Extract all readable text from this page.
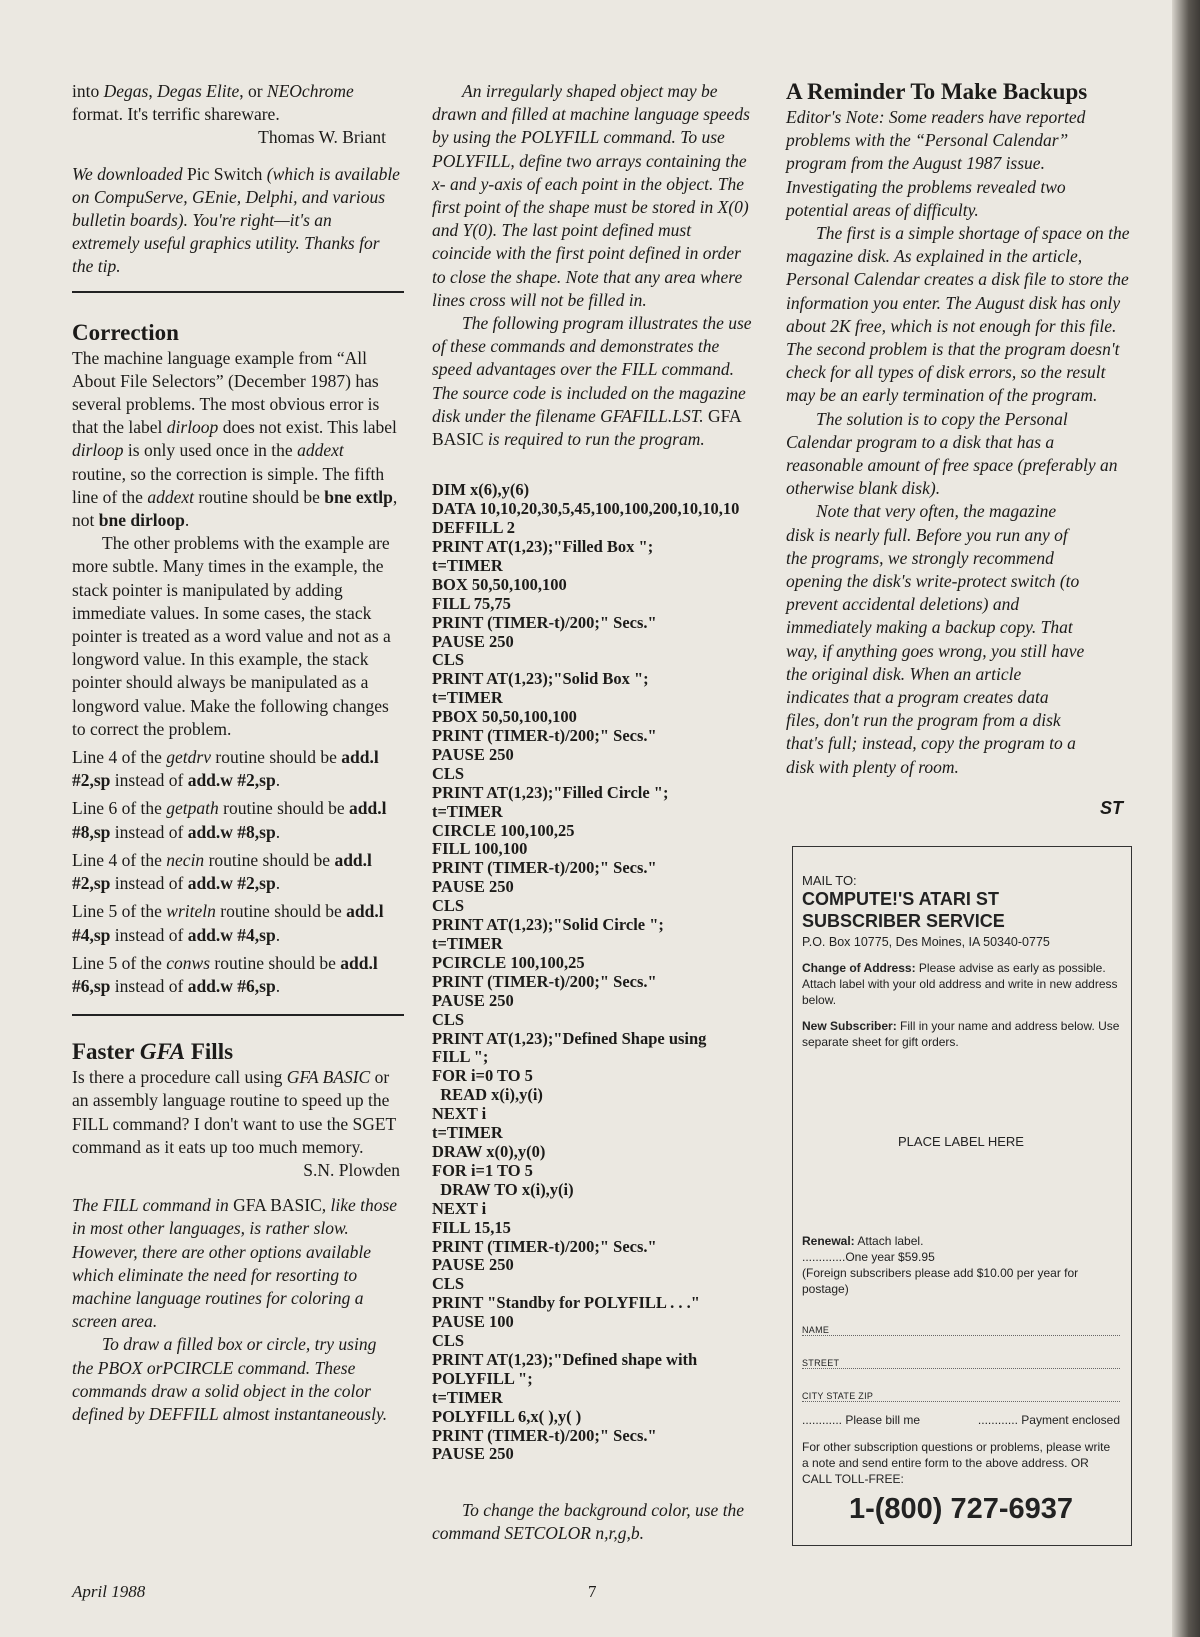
into Degas, Degas Elite, or NEOchrome format. It's terrific shareware.

Thomas W. Briant

We downloaded Pic Switch (which is available on CompuServe, GEnie, Delphi, and various bulletin boards). You're right—it's an extremely useful graphics utility. Thanks for the tip.

Correction

The machine language example from “All About File Selectors” (December 1987) has several problems. The most obvious error is that the label dirloop does not exist. This label dirloop is only used once in the addext routine, so the correction is simple. The fifth line of the addext routine should be bne extlp, not bne dirloop.

The other problems with the example are more subtle. Many times in the example, the stack pointer is manipulated by adding immediate values. In some cases, the stack pointer is treated as a word value and not as a longword value. In this example, the stack pointer should always be manipulated as a longword value. Make the following changes to correct the problem.

Line 4 of the getdrv routine should be add.l #2,sp instead of add.w #2,sp.

Line 6 of the getpath routine should be add.l #8,sp instead of add.w #8,sp.

Line 4 of the necin routine should be add.l #2,sp instead of add.w #2,sp.

Line 5 of the writeln routine should be add.l #4,sp instead of add.w #4,sp.

Line 5 of the conws routine should be add.l #6,sp instead of add.w #6,sp.

Faster GFA Fills

Is there a procedure call using GFA BASIC or an assembly language routine to speed up the FILL command? I don't want to use the SGET command as it eats up too much memory.

S.N. Plowden

The FILL command in GFA BASIC, like those in most other languages, is rather slow. However, there are other options available which eliminate the need for resorting to machine language routines for coloring a screen area.

To draw a filled box or circle, try using the PBOX orPCIRCLE command. These commands draw a solid object in the color defined by DEFFILL almost instantaneously.

An irregularly shaped object may be drawn and filled at machine language speeds by using the POLYFILL command. To use POLYFILL, define two arrays containing the x- and y-axis of each point in the object. The first point of the shape must be stored in X(0) and Y(0). The last point defined must coincide with the first point defined in order to close the shape. Note that any area where lines cross will not be filled in.

The following program illustrates the use of these commands and demonstrates the speed advantages over the FILL command. The source code is included on the magazine disk under the filename GFAFILL.LST. GFA BASIC is required to run the program.

DIM x(6),y(6)
DATA 10,10,20,30,5,45,100,100,200,10,10,10
DEFFILL 2
PRINT AT(1,23);"Filled Box ";
t=TIMER
BOX 50,50,100,100
FILL 75,75
PRINT (TIMER-t)/200;" Secs."
PAUSE 250
CLS
PRINT AT(1,23);"Solid Box ";
t=TIMER
PBOX 50,50,100,100
PRINT (TIMER-t)/200;" Secs."
PAUSE 250
CLS
PRINT AT(1,23);"Filled Circle ";
t=TIMER
CIRCLE 100,100,25
FILL 100,100
PRINT (TIMER-t)/200;" Secs."
PAUSE 250
CLS
PRINT AT(1,23);"Solid Circle ";
t=TIMER
PCIRCLE 100,100,25
PRINT (TIMER-t)/200;" Secs."
PAUSE 250
CLS
PRINT AT(1,23);"Defined Shape using
FILL ";
FOR i=0 TO 5
READ x(i),y(i)
NEXT i
t=TIMER
DRAW x(0),y(0)
FOR i=1 TO 5
DRAW TO x(i),y(i)
NEXT i
FILL 15,15
PRINT (TIMER-t)/200;" Secs."
PAUSE 250
CLS
PRINT "Standby for POLYFILL . . ."
PAUSE 100
CLS
PRINT AT(1,23);"Defined shape with
POLYFILL ";
t=TIMER
POLYFILL 6,x( ),y( )
PRINT (TIMER-t)/200;" Secs."
PAUSE 250

To change the background color, use the command SETCOLOR n,r,g,b.

A Reminder To Make Backups

Editor's Note: Some readers have reported problems with the “Personal Calendar” program from the August 1987 issue. Investigating the problems revealed two potential areas of difficulty.

The first is a simple shortage of space on the magazine disk. As explained in the article, Personal Calendar creates a disk file to store the information you enter. The August disk has only about 2K free, which is not enough for this file. The second problem is that the program doesn't check for all types of disk errors, so the result may be an early termination of the program.

The solution is to copy the Personal Calendar program to a disk that has a reasonable amount of free space (preferably an otherwise blank disk).

Note that very often, the magazine disk is nearly full. Before you run any of the programs, we strongly recommend opening the disk's write-protect switch (to prevent accidental deletions) and immediately making a backup copy. That way, if anything goes wrong, you still have the original disk. When an article indicates that a program creates data files, don't run the program from a disk that's full; instead, copy the program to a disk with plenty of room.

ST
MAIL TO:
COMPUTE!'S ATARI ST
SUBSCRIBER SERVICE
P.O. Box 10775, Des Moines, IA 50340-0775
Change of Address: Please advise as early as possible. Attach label with your old address and write in new address below.
New Subscriber: Fill in your name and address below. Use separate sheet for gift orders.
PLACE LABEL HERE
Renewal: Attach label.
.............One year $59.95
(Foreign subscribers please add $10.00 per year for postage)
NAME
STREET
CITY STATE ZIP
............ Please bill me	............ Payment enclosed
For other subscription questions or problems, please write a note and send entire form to the above address. OR CALL TOLL-FREE:
1-(800) 727-6937
April 1988	7
